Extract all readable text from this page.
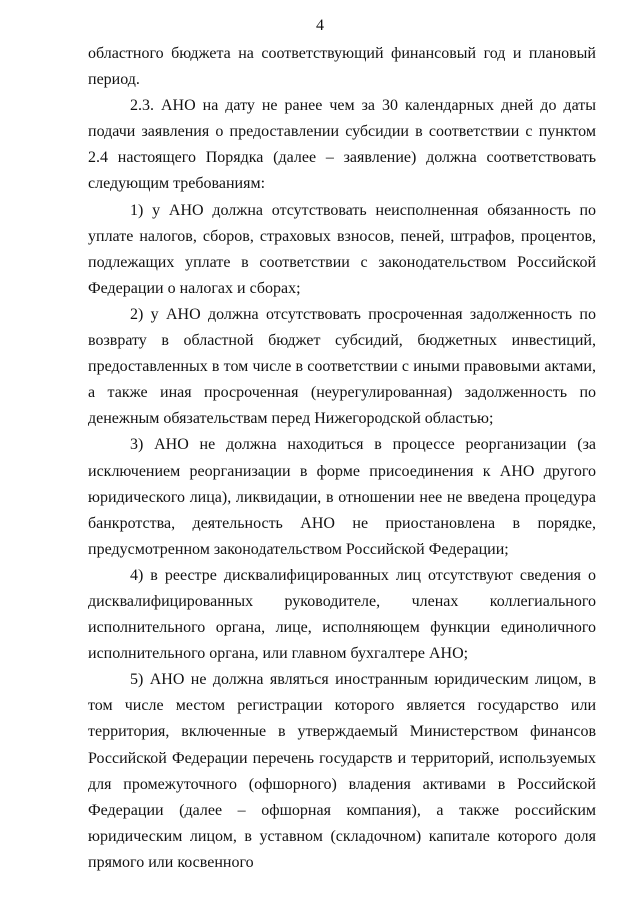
4

областного бюджета на соответствующий финансовый год и плановый период.

2.3. АНО на дату не ранее чем за 30 календарных дней до даты подачи заявления о предоставлении субсидии в соответствии с пунктом 2.4 настоящего Порядка (далее – заявление) должна соответствовать следующим требованиям:

1) у АНО должна отсутствовать неисполненная обязанность по уплате налогов, сборов, страховых взносов, пеней, штрафов, процентов, подлежащих уплате в соответствии с законодательством Российской Федерации о налогах и сборах;

2) у АНО должна отсутствовать просроченная задолженность по возврату в областной бюджет субсидий, бюджетных инвестиций, предоставленных в том числе в соответствии с иными правовыми актами, а также иная просроченная (неурегулированная) задолженность по денежным обязательствам перед Нижегородской областью;

3) АНО не должна находиться в процессе реорганизации (за исключением реорганизации в форме присоединения к АНО другого юридического лица), ликвидации, в отношении нее не введена процедура банкротства, деятельность АНО не приостановлена в порядке, предусмотренном законодательством Российской Федерации;

4) в реестре дисквалифицированных лиц отсутствуют сведения о дисквалифицированных руководителе, членах коллегиального исполнительного органа, лице, исполняющем функции единоличного исполнительного органа, или главном бухгалтере АНО;

5) АНО не должна являться иностранным юридическим лицом, в том числе местом регистрации которого является государство или территория, включенные в утверждаемый Министерством финансов Российской Федерации перечень государств и территорий, используемых для промежуточного (офшорного) владения активами в Российской Федерации (далее – офшорная компания), а также российским юридическим лицом, в уставном (складочном) капитале которого доля прямого или косвенного
